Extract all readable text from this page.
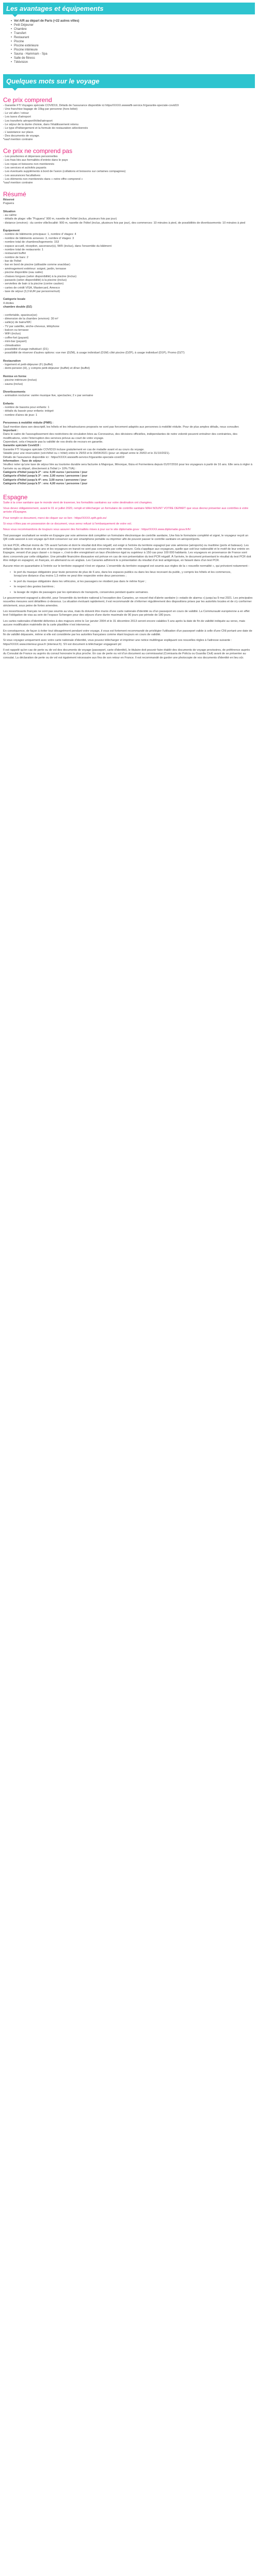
Les avantages et équipements
• Vol A/R au départ de Paris (+22 autres villes)
• Petit Déjeuner
• Chambre
• Transfert
• Restaurant
• Piscine
• Piscine extérieure
• Piscine intérieure
• Sauna - Hammam - Spa
• Salle de fitness
• Télévision
Quelques mots sur le voyage
Ce prix comprend

- Garantie FTI Voyages spéciale COVID19, Détails de l'assurance disponible ici https//XXXX.wwwwfti-service.fr/garantie-speciale-covid19

- Une franchise bagage de 15kg par personne (hors bébé)

- Le vol aller / retour

- Les taxes d'aéroport

- Les transferts aéroport/hôtel/aéroport

- Le séjour de la durée choisie, dans l'établissement retenu

- Le type d'hébergement et la formule de restauration sélectionnés

- L'assistance sur place.

- Des documents de voyage.

*sauf mention contraire

Ce prix ne comprend pas

- Les pourboires et dépenses personnelles

- Les frais liés aux formalités d'entrée dans le pays

- Les repas et boissons non mentionnés

- Les services et activités payants

- Les éventuels suppléments à bord de l'avion (collations et boissons sur certaines compagnies)

- Les assurances facultatives

- Les éléments non mentionnés dans « notre offre comprend »

*sauf mention contraire

Résumé

Réservé

Puguera

Situation

- au calme

- détails de plage: ville "Puguera" 900 m, navette de l'hôtel (inclus, plusieurs fois par jour)

- distance (environ) : du centre ville/localité: 900 m, navette de l'hôtel (inclus, plusieurs fois par jour), des commerces: 10 minutes à pied, de possibilités de divertissements: 10 minutes à pied

Équipement

- nombre de bâtiments principaux: 1, nombre d' étages: 4

- nombre de bâtiments annexes: 3, nombre d' étages: 3

- nombre total de chambres/logements: 153

- espace accueil, réception, ascenseur(s), WiFi (inclus), dans l'ensemble du bâtiment

- nombre total de restaurants: 1

- restaurant buffet

- nombre de bars: 2

- bar de l'hôtel

- bar en bord de piscine (utilisable comme snackbar)

- aménagement extérieur: soigné, jardin, terrasse

- piscine disponible (eau salée)

- chaises longues (selon disponibilité) à la piscine (inclus)

- parasols (selon disponibilité) à la piscine (inclus)

- serviettes de bain à la piscine (contre caution)

- cartes de crédit VISA, Mastercard, Amexco

- taxe de séjour (3,3 EUR par personne/nuit)

Catégorie locale

4 étoiles

chambre double (DZ)

- confortable, spacieux(se)

- dimension de la chambre (environ): 30 m²

- salle(s) de bains/WC

- TV par satellite, sèche-cheveux, téléphone

- balcon ou terrasse

- WiFi (inclus)

- coffre-fort (payant)

- mini-bar (payant)

- climatisation

- possibilité d'usage individuel: (D1)

- possibilité de réserver d'autres options: vue mer (DZM), à usage individuel (D1M) côté piscine (DZP), à usage individuel (D1P), Promo (DZT)

Restauration

- logement et petit-déjeuner (F) (buffet)

- demi-pension (H), y compris petit-déjeuner (buffet) et dîner (buffet)

Remise en forme

- piscine intérieure (inclus)

- sauna (inclus)

Divertissements

- animation nocturne: variée musique live, spectacles; 2 x par semaine

Enfants

- nombre de bassins pour enfants: 1

- détails du bassin pour enfants: intégré

- nombre d'aires de jeux: 1

Personnes à mobilité réduite (PMR) :

Sauf mention dans son descriptif, les hôtels et les infrastructures proposés ne sont pas forcement adaptés aux personnes à mobilité réduite. Pour de plus amples détails, nous consulter.

Important :

Dans le cadre de l'assouplissement des restrictions de circulation liées au Coronavirus, des décisions officielles, indépendantes de notre volonté peuvent entraîner des contraintes, des modifications, voire l'interruption des services prévus au court de votre voyage.

Cependant, cela n'impacte pas la validité de vos droits de recours en garantie.

Garantie spéciale Covid19 :

Garantie FTI Voyages spéciale COVID19 incluse gratuitement en cas de maladie avant et au cours du voyage.

Valable pour une réservation (vol+hôtel ou + hôtel) entre le 29/03 et le 30/04/2021 (pour un départ entre le 29/03 et le 31/10/2021).

Détails de l'assurance disponible ici : https//XXXX.wwwwfti-service.fr/garantie-speciale-covid19

Information - Taxe de séjour

Veuillez noter qu'une taxe de séjour liée au tourisme durable sera facturée à Majorque, Minorque, Ibiza et Formentera depuis 01/07/2016 pour les voyageurs à partir de 16 ans. Elle sera à régler à l'arrivée ou au départ, directement à l'hôtel (+ 10% TVA) :

Catégorie d'hôtel jusqu'à 2* : env. 0,00 euros / personne / jour

Catégorie d'hôtel jusqu'à 3* : env. 2,00 euros / personne / jour

Catégorie d'hôtel jusqu'à 4*: env. 3,00 euros / personne / jour

Catégorie d'hôtel jusqu'à 5* : env. 4,00 euros / personne / jour

Espagne

Suite à la crise sanitaire que le monde vient de traverser, les formalités sanitaires sur votre destination ont changées.

Vous devez obligatoirement, avant le 01 er juillet 2020, rempli et télécharger un formulaire de contrôle sanitaire MAH NOUNT VOTRE DEPART que vous devrez présenter aux contrôles à votre arrivée d'Espagne.

Pour remplir ce document, merci de cliquer sur ce lien : https//XXXX.spth.gob.es/

Si vous n'êtes pas en possession de ce document, vous serez refusé à l'embarquement de votre vol.

Nous vous recommandons de toujours vous assurer des formalités mises à jour sur le site diplomatie.gouv : https//XXXX.www.diplomatie.gouv.fr/fr/

Tout passager souhaitant se rendre en Espagne par voie aérienne doit compléter un formulaire électronique de contrôle sanitaire, Une fois le formulaire complété et signé, le voyageur reçoit un QR code associé à son voyage qu'il doit conserver sur son smartphone portable ou imprimer afin de pouvoir passer le contrôle sanitaire en aéroport/ports.

Un test PCR, effectué moins de 72h avant l'arrivée et dont le résultat doit être négatif, est exigé à l'entrée du territoire espagnol par voie aérienne (aéroports) ou maritime (ports et bateaux). Les enfants âgés de moins de six ans et les voyageurs en transit ne sont pas concernés par cette mesure. Cela s'applique aux voyageurs, quelle que soit leur nationalité et le motif de leur entrée en Espagne, venant d'un pays classé « à risque », c'est-à-dire enregistrant un taux d'incidence égal ou supérieur à 150 cas pour 100 000 habitants. Les voyageurs en provenance de France sont donc concernés par cette obligation. Une pénalité financière dissuasive est prévue en cas de non présentation du test PCR négatif. À l'arrivée, le document présentant le résultat du test PCR doit être rédigé en espagnol, en français, en allemand ou en anglais. Les Canaries adhèrent le à présentation du résultat d'un test antigénique, en faisant dans d'un test PCR.

Aucune mise en quarantaine à l'entrée sur le territoire espagnol n'est en vigueur. L'ensemble du territoire espagnol est soumis aux règles de la « nouvelle normalité », qui prévoient notamment :

• le port du masque obligatoire pour toute personne de plus de 6 ans, dans les espaces publics ou dans les lieux recevant du public, y compris les hôtels et les commerces, lorsqu'une distance d'au moins 1,5 mètre ne peut être respectée entre deux personnes ;
• le port du masque obligatoire dans les véhicules, si les passagers ne résident pas dans le même foyer ;
• le respect des gestes barrières ;
• la lavage de règles de passagers par les opérateurs de transports, conservées pendant quatre semaines.

Le gouvernement espagnol a décrété, pour l'ensemble du territoire national à l'exception des Canaries, un nouvel état d'alerte sanitaire (« estado de alarma ») jusqu'au 9 mai 2021. Les principales nouvelles mesures sont détaillées ci-dessous. La situation évoluant rapidement, il est recommandé de s'informer régulièrement des dispositions prises par les autorités locales et de s'y conformer strictement, sous peine de fortes amendes.

Les ressortissants français ne sont pas soumis au visa, mais ils doivent être munis d'une carte nationale d'identité ou d'un passeport en cours de validité. La Communauté européenne a en effet levé l'obligation de visa au sein de l'espace Schengen pour des séjours d'une durée maximale de 90 jours par période de 180 jours.

Les cartes nationales d'identité délivrées à des majeurs entre le 1er janvier 2004 et le 31 décembre 2013 seront encore valables 5 ans après la date de fin de validité indiquée au verso, mais aucune modification matérielle de la carte plastifiée n'est intervenue.

En conséquence, de façon à éviter tout désagrément pendant votre voyage, il vous est fortement recommandé de privilégier l'utilisation d'un passeport valide à celle d'une CNI portant une date de fin de validité dépassée, même si elle est considérée par les autorités françaises comme étant toujours en cours de validité.

Si vous voyagez uniquement avec votre carte nationale d'identité, vous pouvez télécharger et imprimer une notice multilingue expliquant ces nouvelles règles à l'adresse suivante : https//XXXX.www.interieur.gouv.fr (interieur.fr). S'il est document à télécharger engageant pt/.

Il est rappelé qu'en cas de perte ou de vol des documents de voyage (passeport, carte d'identité), le titulaire doit pouvoir faire établir des documents de voyage provisoires, de préférence auprès du Consulat de France ou auprès du consul honoraire le plus proche. En cas de perte ou vol d'un document au commissariat (Comisaria de Policía ou Guardia Civil) avant de se présenter au consulat. La déclaration de perte ou de vol est également nécessaire aux fins de son retour en France. Il est recommandé de garder une photocopie de vos documents d'identité en lieu sûr.
